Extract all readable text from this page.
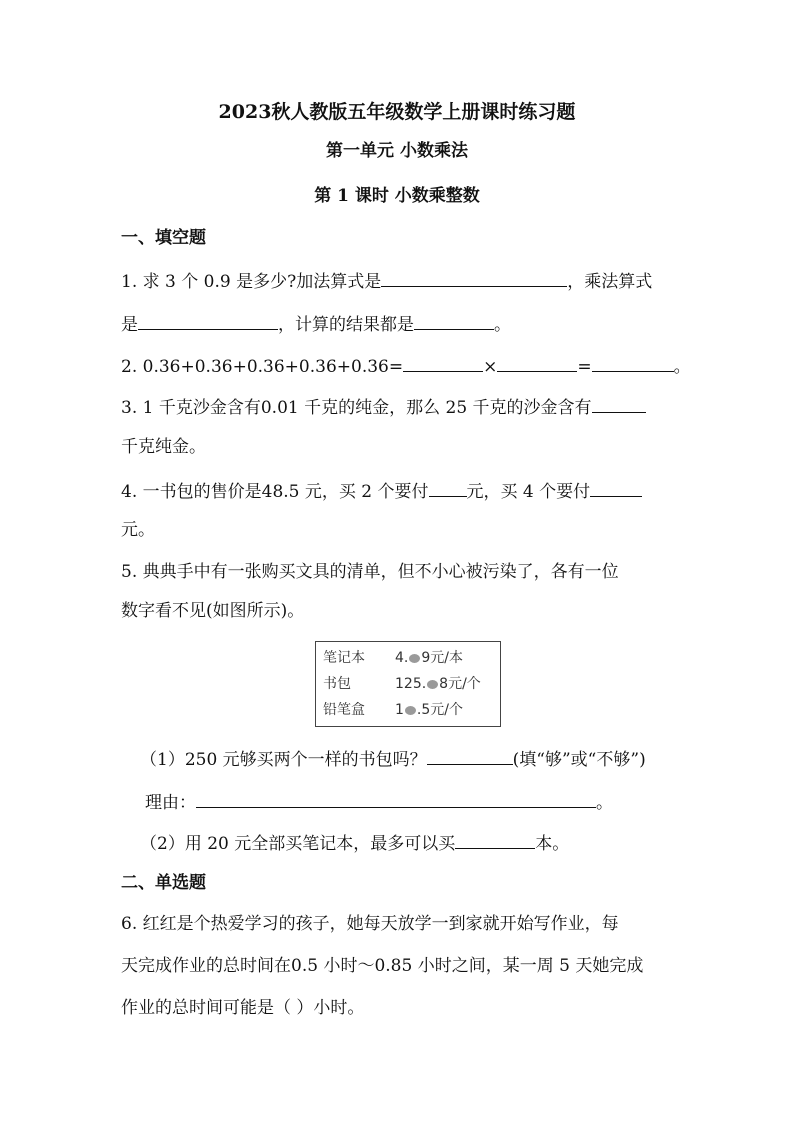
2023秋人教版五年级数学上册课时练习题
第一单元 小数乘法
第 1 课时 小数乘整数
一、填空题
1. 求 3 个 0.9 是多少?加法算式是	，乘法算式
是	，计算的结果都是	。
2. 0.36+0.36+0.36+0.36+0.36=	×	=	。
3. 1 千克沙金含有0.01 千克的纯金，那么 25 千克的沙金含有
千克纯金。
4. 一书包的售价是48.5 元，买 2 个要付 元，买 4 个要付
元。
5. 典典手中有一张购买文具的清单，但不小心被污染了，各有一位
数字看不见(如图所示)。
笔记本 4. 9元/本
书包	125. 8元/个
铅笔盒 1 .5元/个
（1）250 元够买两个一样的书包吗？	(填“够”或“不够”)
理由：	。
（2）用 20 元全部买笔记本，最多可以买	本。
二、单选题
6. 红红是个热爱学习的孩子，她每天放学一到家就开始写作业，每
天完成作业的总时间在0.5 小时～0.85 小时之间，某一周 5 天她完成
作业的总时间可能是（ ）小时。
